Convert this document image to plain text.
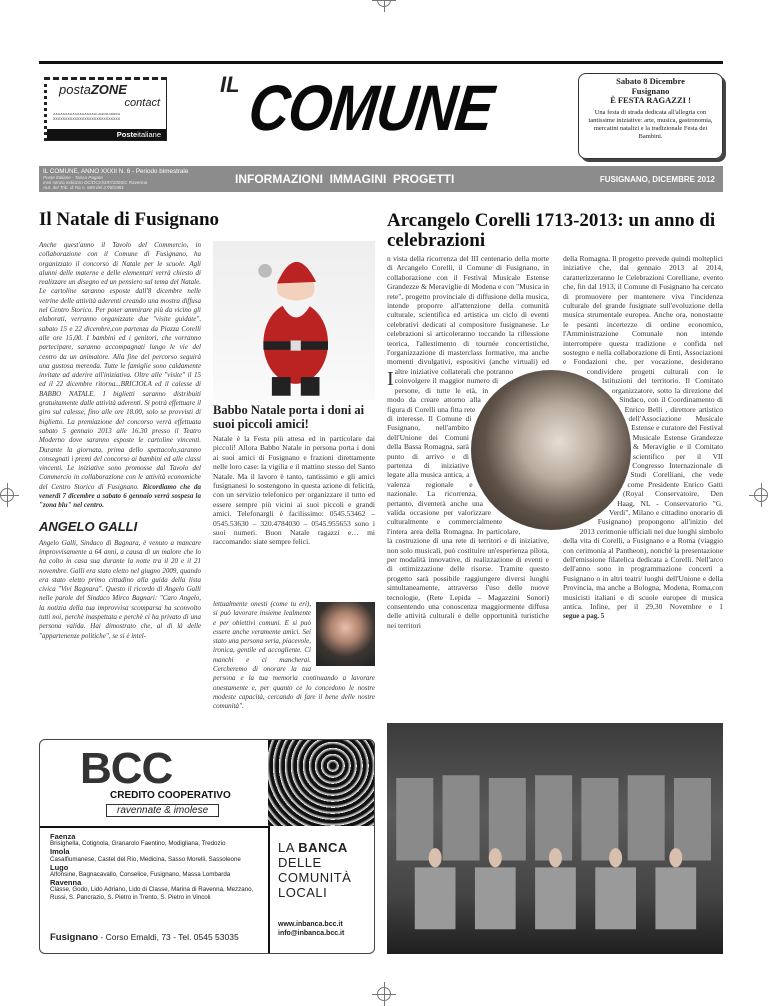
postaZONE
contact
XXXXXXXXXXXXXXXXXXCA30036664
XXXXXXXXXXXXXXXXXXXXXXXXXXXX
Posteitaliane
IL COMUNE	Sabato 8 Dicembre
Fusignano
È FESTA RAGAZZI !
Una festa di strada dedicata all'allegria con tantissime iniziative: arte, musica, gastronomia, mercatini natalizi e la tradizionale Festa dei Bambini.
IL COMUNE, ANNO XXXII N. 6 - Periodo bimestrale
Poste Italiane - Tassa Pagata
Invii senza indirizzo DC/DCI/3397/2003/C Ravenna
Aut. del Trib. di Ra n. 689 del 27/8/1981
INFORMAZIONI  IMMAGINI  PROGETTI	FUSIGNANO, DICEMBRE 2012
Il Natale di Fusignano
Anche quest'anno il Tavolo del Commercio, in collaborazione con il Comune di Fusignano, ha organizzato il concorso di Natale per le scuole. Agli alunni delle materne e delle elementari verrà chiesto di realizzare un disegno ed un pensiero sul tema del Natale. Le cartoline saranno esposte dall'8 dicembre nelle vetrine delle attività aderenti creando una mostra diffusa nel Centro Storico. Per poter ammirare più da vicino gli elaborati, verranno organizzate due "visite guidate", sabato 15 e 22 dicembre,con partenza da Piazza Corelli alle ore 15,00. I bambini ed i genitori, che vorranno partecipare, saranno accompagnati lungo le vie del centro da un animatore. Alla fine del percorso seguirà una gustosa merenda. Tutte le famiglie sono caldamente invitate ad aderire all'iniziativa. Oltre alle "visite" il 15 ed il 22 dicembre ritorna...BRICIOLA ed il calesse di BABBO NATALE. I biglietti saranno distribuiti gratuitamente dalle attività aderenti. Si potrà effettuare il giro sul calesse, fino alle ore 18.00, solo se provvisti di biglietto. La premiazione del concorso verrà effettuata sabato 5 gennaio 2013 alle 16.30 presso il Teatro Moderno dove saranno esposte le cartoline vincenti. Durante la giornata, prima dello spettacolo,saranno consegnati i premi del concorso ai bambini ed alle classi vincenti. Le iniziative sono promosse dal Tavolo del Commercio in collaborazione con le attività economiche del Centro Storico di Fusignano. Ricordiamo che da venerdì 7 dicembre a sabato 6 gennaio verrà sospesa la "zona blu" nel centro.
ANGELO GALLI
Angelo Galli, Sindaco di Bagnara, è venuto a mancare improvvisamente a 64 anni, a causa di un malore che lo ha colto in casa sua durante la notte tra il 20 e il 21 novembre. Galli era stato eletto nel giugno 2009, quando era stato eletto primo cittadino alla guida della lista civica "Vivi Bagnara". Questo il ricordo di Angelo Galli nelle parole del Sindaco Mirco Bagnari: "Caro Angelo, la notizia della tua improvvisa scomparsa ha sconvolto tutti noi, perchè inaspettata e perchè ci ha privato di una persona valida. Hai dimostrato che, al di là delle "appartenenze politiche", se si è intel-
Babbo Natale porta i doni ai suoi piccoli amici!
Natale è la Festa più attesa ed in particolare dai piccoli! Allora Babbo Natale in persona porta i doni ai suoi amici di Fusignano e frazioni direttamente nelle loro case: la vigilia e il mattino stesso del Santo Natale. Ma il lavoro è tanto, tantissimo e gli amici fusignanesi lo sostengono in questa azione di felicità, con un servizio telefonico per organizzare il tutto ed essere sempre più vicini ai suoi piccoli e grandi amici. Telefonargli è facilissimo: 0545.53462 – 0545.53630 – 320.4784030 – 0545.955653 sono i suoi numeri. Buon Natale ragazzi e… mi raccomando: siate sempre felici.
lettualmente onesti (come tu eri), si può lavorare insieme lealmente e per obiettivi comuni. E si può essere anche veramente amici. Sei stato una persona seria, piacevole, ironica, gentile ed accogliente. Ci manchi e ci mancherai. Cercheremo di onorare la tua persona e la tua memoria continuando a lavorare onestamente e, per quanto ce lo concedono le nostre modeste capacità, cercando di fare il bene delle nostre comunità".
Arcangelo Corelli 1713-2013: un anno di celebrazioni
I
n vista della ricorrenza del III centenario della morte di Arcangelo Corelli, il Comune di Fusignano, in collaborazione con il Festival Musicale Estense Grandezze & Meraviglie di Modena e con "Musica in rete", progetto provinciale di diffusione della musica, intende proporre all'attenzione della comunità culturale, scientifica ed artistica un ciclo di eventi celebrativi dedicati al compositore fusignanese. Le celebrazioni si articoleranno toccando la riflessione teorica, l'allestimento di tournée concertistiche, l'organizzazione di masterclass formative, ma anche momenti divulgativi, espositivi (anche virtuali) ed altre iniziative collaterali che potranno coinvolgere il maggior numero di persone, di tutte le età, in modo da creare attorno alla figura di Corelli una fitta rete di interesse. Il Comune di Fusignano, nell'ambito dell'Unione dei Comuni della Bassa Romagna, sarà punto di arrivo e di partenza di iniziative legate alla musica antica, a valenza regionale e nazionale. La ricorrenza, pertanto, diventerà anche una valida occasione per valorizzare culturalmente e commercialmente l'intera area della Romagna. In particolare, la costruzione di una rete di territori e di iniziative, non solo musicali, può costituire un'esperienza pilota, per modalità innovative, di realizzazione di eventi e di ottimizzazione delle risorse. Tramite questo progetto sarà possibile raggiungere diversi luoghi simultaneamente, attraverso l'uso delle nuove tecnologie, (Rete Lepida – Magazzini Sonori) consentendo una conoscenza maggiormente diffusa delle attività culturali e delle opportunità turistiche nei territori
della Romagna. Il progetto prevede quindi molteplici iniziative che, dal gennaio 2013 al 2014, caratterizzeranno le Celebrazioni Corelliane, evento che, fin dal 1913, il Comune di Fusignano ha cercato di promuovere per mantenere viva l'incidenza culturale del grande fusignate sull'evoluzione della musica strumentale europea. Anche ora, nonostante le pesanti incertezze di ordine economico, l'Amministrazione Comunale non intende interrompere questa tradizione e confida nel sostegno e nella collaborazione di Enti, Associazioni e Fondazioni che, per vocazione, desiderano condividere progetti culturali con le Istituzioni del territorio. Il Comitato organizzatore, sotto la direzione del Sindaco, con il Coordinamento di Enrico Belli , direttore artistico dell'Associazione Musicale Estense e curatore del Festival Musicale Estense Grandezze & Meraviglie e il Comitato scientifico per il VII Congresso Internazionale di Studi Corelliani, che vede come Presidente Enrico Gatti (Royal Conservatoire, Den Haag, NL - Conservatorio "G. Verdi", Milano e cittadino onorario di Fusignano) propongono all'inizio del 2013 cerimonie ufficiali nei due luoghi simbolo della vita di Corelli, a Fusignano e a Roma (viaggio con cerimonia al Pantheon), nonché la presentazione dell'emissione filatelica dedicata a Corelli. Nell'arco dell'anno sono in programmazione concerti a Fusignano o in altri teatri/ luoghi dell'Unione e della Provincia, ma anche a Bologna, Modena, Roma,con musicisti italiani e di scuole europee di musica antica. Infine, per il 29,30 Novembre e 1 segue a pag. 5
BCC
CREDITO COOPERATIVO
ravennate & imolese
Faenza
Brisighella, Cotignola, Granarolo Faentino, Modigliana, Tredozio
Imola
Casalfiumanese, Castel del Rio, Medicina, Sasso Morelli, Sassoleone
Lugo
Alfonsine, Bagnacavallo, Conselice, Fusignano, Massa Lombarda
Ravenna
Classe, Godo, Lido Adriano, Lido di Classe, Marina di Ravenna, Mezzano, Russi, S. Pancrazio, S. Pietro in Trento, S. Pietro in Vincoli
Fusignano - Corso Emaldi, 73 - Tel. 0545 53035
LA BANCA
DELLE
COMUNITÀ
LOCALI
www.inbanca.bcc.it
info@inbanca.bcc.it
